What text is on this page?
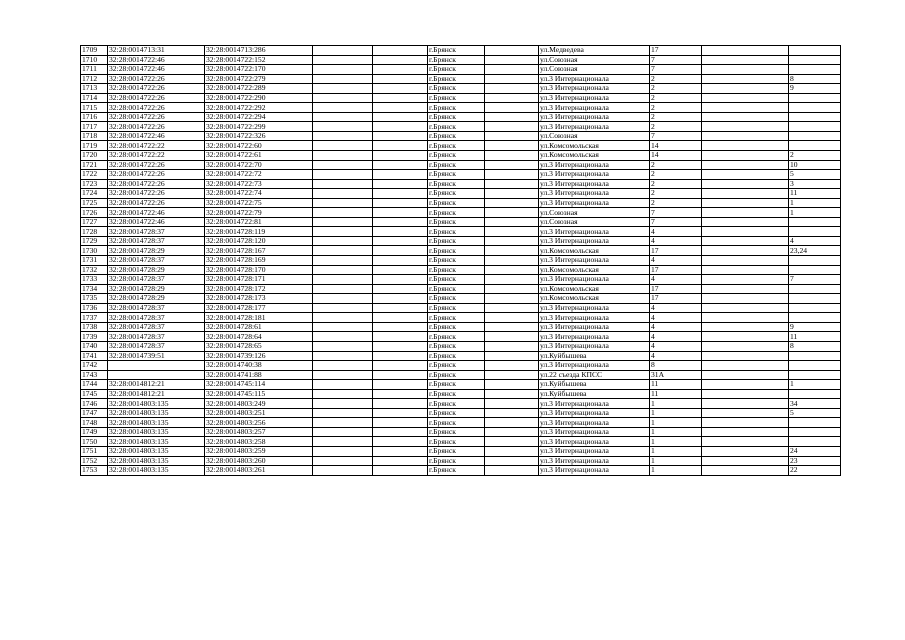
1709	32:28:0014713:31	32:28:0014713:286			г.Брянск		ул.Медведева	17		
1710	32:28:0014722:46	32:28:0014722:152			г.Брянск		ул.Союзная	7		
1711	32:28:0014722:46	32:28:0014722:170			г.Брянск		ул.Союзная	7		
1712	32:28:0014722:26	32:28:0014722:279			г.Брянск		ул.3 Интернационала	2		8
1713	32:28:0014722:26	32:28:0014722:289			г.Брянск		ул.3 Интернационала	2		9
1714	32:28:0014722:26	32:28:0014722:290			г.Брянск		ул.3 Интернационала	2		
1715	32:28:0014722:26	32:28:0014722:292			г.Брянск		ул.3 Интернационала	2		
1716	32:28:0014722:26	32:28:0014722:294			г.Брянск		ул.3 Интернационала	2		
1717	32:28:0014722:26	32:28:0014722:299			г.Брянск		ул.3 Интернационала	2		
1718	32:28:0014722:46	32:28:0014722:326			г.Брянск		ул.Союзная	7		
1719	32:28:0014722:22	32:28:0014722:60			г.Брянск		ул.Комсомольская	14		
1720	32:28:0014722:22	32:28:0014722:61			г.Брянск		ул.Комсомольская	14		2
1721	32:28:0014722:26	32:28:0014722:70			г.Брянск		ул.3 Интернационала	2		10
1722	32:28:0014722:26	32:28:0014722:72			г.Брянск		ул.3 Интернационала	2		5
1723	32:28:0014722:26	32:28:0014722:73			г.Брянск		ул.3 Интернационала	2		3
1724	32:28:0014722:26	32:28:0014722:74			г.Брянск		ул.3 Интернационала	2		11
1725	32:28:0014722:26	32:28:0014722:75			г.Брянск		ул.3 Интернационала	2		1
1726	32:28:0014722:46	32:28:0014722:79			г.Брянск		ул.Союзная	7		1
1727	32:28:0014722:46	32:28:0014722:81			г.Брянск		ул.Союзная	7		
1728	32:28:0014728:37	32:28:0014728:119			г.Брянск		ул.3 Интернационала	4		
1729	32:28:0014728:37	32:28:0014728:120			г.Брянск		ул.3 Интернационала	4		4
1730	32:28:0014728:29	32:28:0014728:167			г.Брянск		ул.Комсомольская	17		23,24
1731	32:28:0014728:37	32:28:0014728:169			г.Брянск		ул.3 Интернационала	4		
1732	32:28:0014728:29	32:28:0014728:170			г.Брянск		ул.Комсомольская	17		
1733	32:28:0014728:37	32:28:0014728:171			г.Брянск		ул.3 Интернационала	4		7
1734	32:28:0014728:29	32:28:0014728:172			г.Брянск		ул.Комсомольская	17		
1735	32:28:0014728:29	32:28:0014728:173			г.Брянск		ул.Комсомольская	17		
1736	32:28:0014728:37	32:28:0014728:177			г.Брянск		ул.3 Интернационала	4		
1737	32:28:0014728:37	32:28:0014728:181			г.Брянск		ул.3 Интернационала	4		
1738	32:28:0014728:37	32:28:0014728:61			г.Брянск		ул.3 Интернационала	4		9
1739	32:28:0014728:37	32:28:0014728:64			г.Брянск		ул.3 Интернационала	4		11
1740	32:28:0014728:37	32:28:0014728:65			г.Брянск		ул.3 Интернационала	4		8
1741	32:28:0014739:51	32:28:0014739:126			г.Брянск		ул.Куйбышева	4		
1742		32:28:0014740:38			г.Брянск		ул.3 Интернационала	8		
1743		32:28:0014741:88			г.Брянск		ул.22 съезда КПСС	31А		
1744	32:28:0014812:21	32:28:0014745:114			г.Брянск		ул.Куйбышева	11		1
1745	32:28:0014812:21	32:28:0014745:115			г.Брянск		ул.Куйбышева	11		
1746	32:28:0014803:135	32:28:0014803:249			г.Брянск		ул.3 Интернационала	1		34
1747	32:28:0014803:135	32:28:0014803:251			г.Брянск		ул.3 Интернационала	1		5
1748	32:28:0014803:135	32:28:0014803:256			г.Брянск		ул.3 Интернационала	1		
1749	32:28:0014803:135	32:28:0014803:257			г.Брянск		ул.3 Интернационала	1		
1750	32:28:0014803:135	32:28:0014803:258			г.Брянск		ул.3 Интернационала	1		
1751	32:28:0014803:135	32:28:0014803:259			г.Брянск		ул.3 Интернационала	1		24
1752	32:28:0014803:135	32:28:0014803:260			г.Брянск		ул.3 Интернационала	1		23
1753	32:28:0014803:135	32:28:0014803:261			г.Брянск		ул.3 Интернационала	1		22
